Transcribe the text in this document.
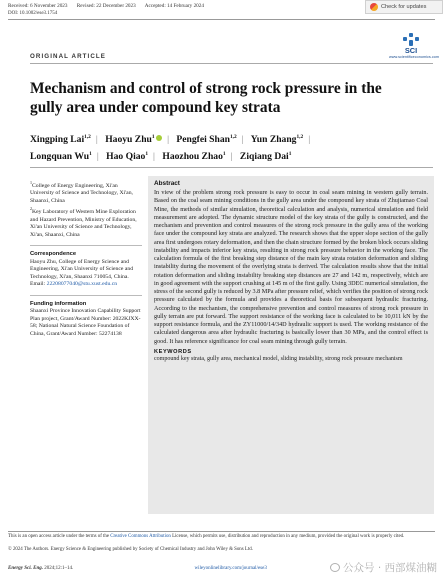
Received: 6 November 2023 Revised: 22 December 2023 Accepted: 14 February 2024
DOI: 10.1002/ese3.1754
Check for updates
SCI
www.scientificeconomics.com
ORIGINAL ARTICLE
Mechanism and control of strong rock pressure in the gully area under compound key strata
Xingping Lai$^{1,2}$ | Haoyu Zhu$^1$ | Pengfei Shan$^{1,2}$ | Yun Zhang$^{1,2}$ |
Longquan Wu$^1$ | Hao Qiao$^1$ | Haozhou Zhao$^1$ | Ziqiang Dai$^1$

$^1$College of Energy Engineering, Xi'an University of Science and Technology, Xi'an, Shaanxi, China

$^2$Key Laboratory of Western Mine Exploration and Hazard Prevention, Ministry of Education, Xi'an University of Science and Technology, Xi'an, Shaanxi, China

Correspondence

Haoyu Zhu, College of Energy Science and Engineering, Xi'an University of Science and Technology, Xi'an, Shaanxi 710054, China.

Email: 22208077040@stu.xust.edu.cn

Funding information

Shaanxi Province Innovation Capability Support Plan project, Grant/Award Number: 2022KJXX-58; National Natural Science Foundation of China, Grant/Award Number: 52274138

Abstract

In view of the problem strong rock pressure is easy to occur in coal seam mining in western gully terrain. Based on the coal seam mining conditions in the gully area under the compound key strata of Zhujiamao Coal Mine, the methods of similar simulation, theoretical calculation and analysis, numerical simulation and field measurement are adopted. The dynamic structure model of the key strata of the gully is constructed, and the mechanism and prevention and control measures of the strong rock pressure in the gully area of the working face under the compound key strata are analyzed. The research shows that the upper slope section of the gully area first undergoes rotary deformation, and then the chain structure formed by the broken block occurs sliding instability and impacts inferior key strata, resulting in strong rock pressure behavior in the working face. The calculation formula of the first breaking step distance of the main key strata rotation deformation and sliding instability during the movement of the overlying strata is derived. The calculation results show that the initial rotation deformation and sliding instability breaking step distances are 27 and 142 m, respectively, which are in good agreement with the support crushing at 145 m of the first gully. Using 3DEC numerical simulation, the stress of the second gully is reduced by 3.8 MPa after pressure relief, which verifies the position of strong rock pressure calculated by the formula and provides a theoretical basis for subsequent hydraulic fracturing. According to the mechanism, the comprehensive prevention and control measures of strong rock pressure in gully terrain are put forward. The support resistance of the working face is calculated to be 10,011 kN by the support resistance formula, and the ZY11000/14/34D hydraulic support is used. The working resistance of the calculated dangerous area after hydraulic fracturing is basically lower than 30 MPa, and the control effect is good. It has reference significance for coal seam mining through gully terrain.

KEYWORDS

compound key strata, gully area, mechanical model, sliding instability, strong rock pressure mechanism

This is an open access article under the terms of the Creative Commons Attribution License, which permits use, distribution and reproduction in any medium, provided the original work is properly cited.

© 2024 The Authors. Energy Science & Engineering published by Society of Chemical Industry and John Wiley & Sons Ltd.

Energy Sci. Eng. 2024;12:1–14.	wileyonlinelibrary.com/journal/ese3	公众号 · 西部煤油糊
